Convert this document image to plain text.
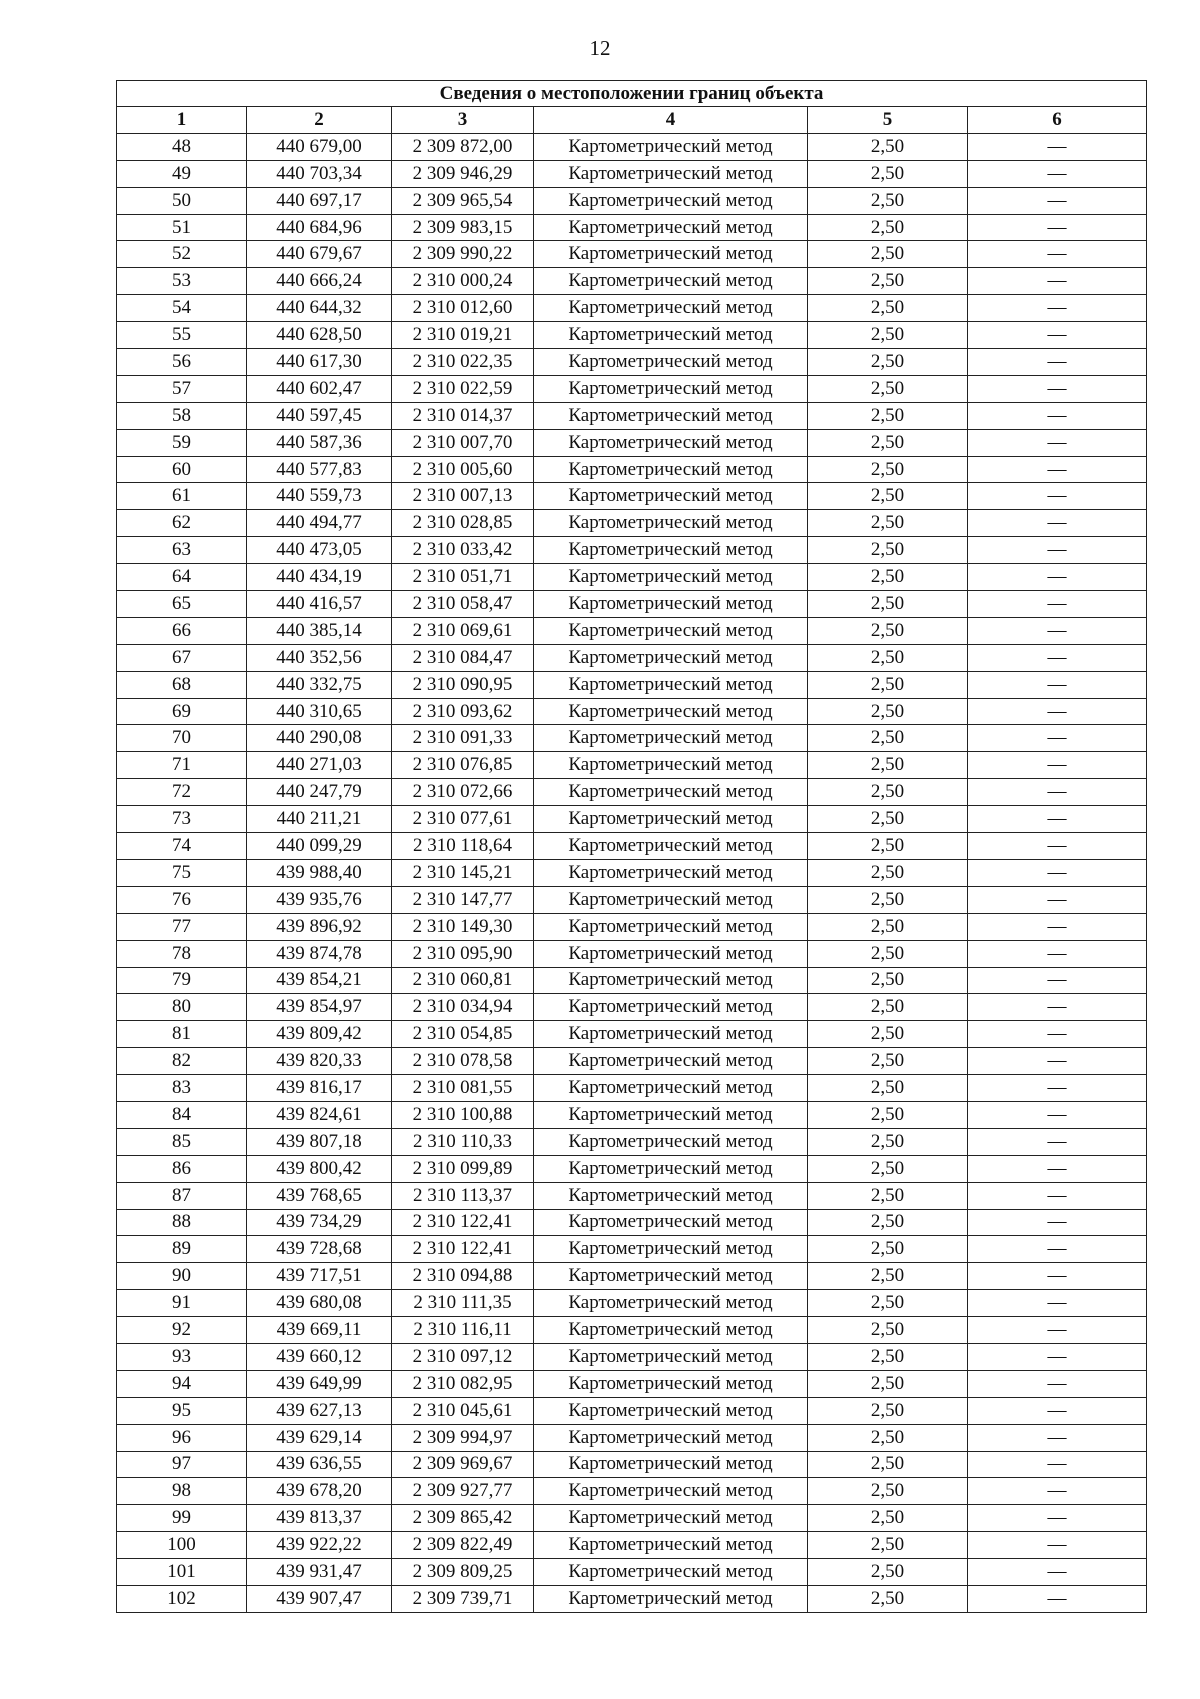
12
Сведения о местоположении границ объекта					
1	2	3	4	5	6
48	440 679,00	2 309 872,00	Картометрический метод	2,50	—
49	440 703,34	2 309 946,29	Картометрический метод	2,50	—
50	440 697,17	2 309 965,54	Картометрический метод	2,50	—
51	440 684,96	2 309 983,15	Картометрический метод	2,50	—
52	440 679,67	2 309 990,22	Картометрический метод	2,50	—
53	440 666,24	2 310 000,24	Картометрический метод	2,50	—
54	440 644,32	2 310 012,60	Картометрический метод	2,50	—
55	440 628,50	2 310 019,21	Картометрический метод	2,50	—
56	440 617,30	2 310 022,35	Картометрический метод	2,50	—
57	440 602,47	2 310 022,59	Картометрический метод	2,50	—
58	440 597,45	2 310 014,37	Картометрический метод	2,50	—
59	440 587,36	2 310 007,70	Картометрический метод	2,50	—
60	440 577,83	2 310 005,60	Картометрический метод	2,50	—
61	440 559,73	2 310 007,13	Картометрический метод	2,50	—
62	440 494,77	2 310 028,85	Картометрический метод	2,50	—
63	440 473,05	2 310 033,42	Картометрический метод	2,50	—
64	440 434,19	2 310 051,71	Картометрический метод	2,50	—
65	440 416,57	2 310 058,47	Картометрический метод	2,50	—
66	440 385,14	2 310 069,61	Картометрический метод	2,50	—
67	440 352,56	2 310 084,47	Картометрический метод	2,50	—
68	440 332,75	2 310 090,95	Картометрический метод	2,50	—
69	440 310,65	2 310 093,62	Картометрический метод	2,50	—
70	440 290,08	2 310 091,33	Картометрический метод	2,50	—
71	440 271,03	2 310 076,85	Картометрический метод	2,50	—
72	440 247,79	2 310 072,66	Картометрический метод	2,50	—
73	440 211,21	2 310 077,61	Картометрический метод	2,50	—
74	440 099,29	2 310 118,64	Картометрический метод	2,50	—
75	439 988,40	2 310 145,21	Картометрический метод	2,50	—
76	439 935,76	2 310 147,77	Картометрический метод	2,50	—
77	439 896,92	2 310 149,30	Картометрический метод	2,50	—
78	439 874,78	2 310 095,90	Картометрический метод	2,50	—
79	439 854,21	2 310 060,81	Картометрический метод	2,50	—
80	439 854,97	2 310 034,94	Картометрический метод	2,50	—
81	439 809,42	2 310 054,85	Картометрический метод	2,50	—
82	439 820,33	2 310 078,58	Картометрический метод	2,50	—
83	439 816,17	2 310 081,55	Картометрический метод	2,50	—
84	439 824,61	2 310 100,88	Картометрический метод	2,50	—
85	439 807,18	2 310 110,33	Картометрический метод	2,50	—
86	439 800,42	2 310 099,89	Картометрический метод	2,50	—
87	439 768,65	2 310 113,37	Картометрический метод	2,50	—
88	439 734,29	2 310 122,41	Картометрический метод	2,50	—
89	439 728,68	2 310 122,41	Картометрический метод	2,50	—
90	439 717,51	2 310 094,88	Картометрический метод	2,50	—
91	439 680,08	2 310 111,35	Картометрический метод	2,50	—
92	439 669,11	2 310 116,11	Картометрический метод	2,50	—
93	439 660,12	2 310 097,12	Картометрический метод	2,50	—
94	439 649,99	2 310 082,95	Картометрический метод	2,50	—
95	439 627,13	2 310 045,61	Картометрический метод	2,50	—
96	439 629,14	2 309 994,97	Картометрический метод	2,50	—
97	439 636,55	2 309 969,67	Картометрический метод	2,50	—
98	439 678,20	2 309 927,77	Картометрический метод	2,50	—
99	439 813,37	2 309 865,42	Картометрический метод	2,50	—
100	439 922,22	2 309 822,49	Картометрический метод	2,50	—
101	439 931,47	2 309 809,25	Картометрический метод	2,50	—
102	439 907,47	2 309 739,71	Картометрический метод	2,50	—
